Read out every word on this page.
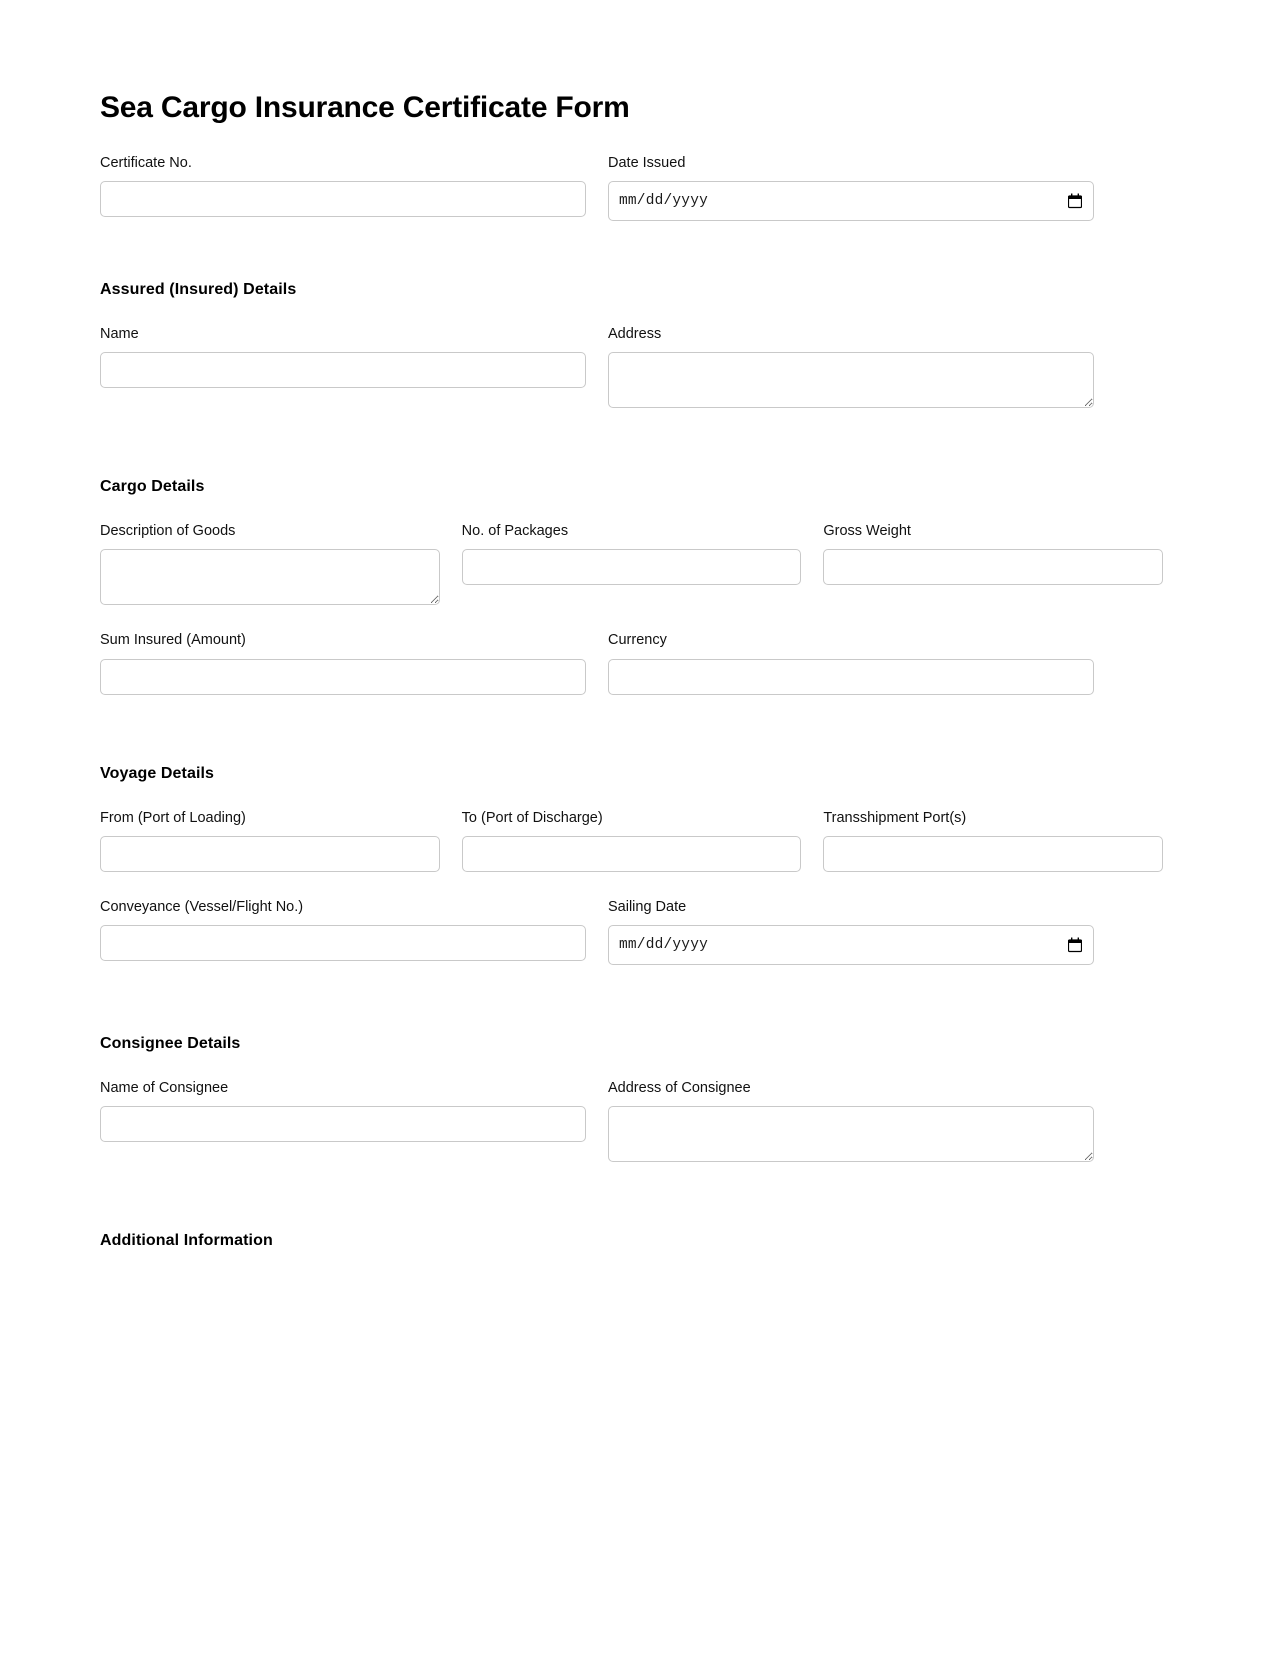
Sea Cargo Insurance Certificate Form
Certificate No.	Date Issued
mm/dd/yyyy
Assured (Insured) Details
Name	Address
Cargo Details
Description of Goods	No. of Packages	Gross Weight
Sum Insured (Amount)	Currency
Voyage Details
From (Port of Loading)	To (Port of Discharge)	Transshipment Port(s)
Conveyance (Vessel/Flight No.)	Sailing Date
mm/dd/yyyy
Consignee Details
Name of Consignee	Address of Consignee
Additional Information
